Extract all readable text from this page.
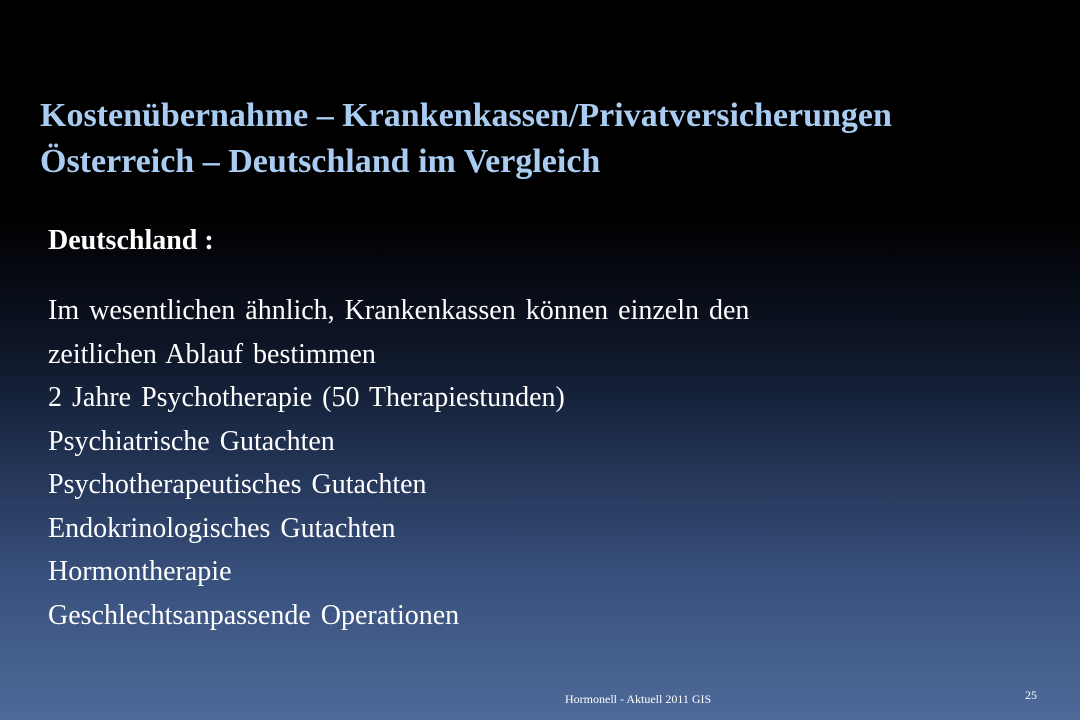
Kostenübernahme – Krankenkassen/Privatversicherungen
Österreich – Deutschland im Vergleich
Deutschland :
Im wesentlichen ähnlich, Krankenkassen können einzeln den
zeitlichen Ablauf bestimmen
2 Jahre Psychotherapie (50 Therapiestunden)
Psychiatrische Gutachten
Psychotherapeutisches Gutachten
Endokrinologisches Gutachten
Hormontherapie
Geschlechtsanpassende Operationen
Hormonell - Aktuell 2011 GIS	25
